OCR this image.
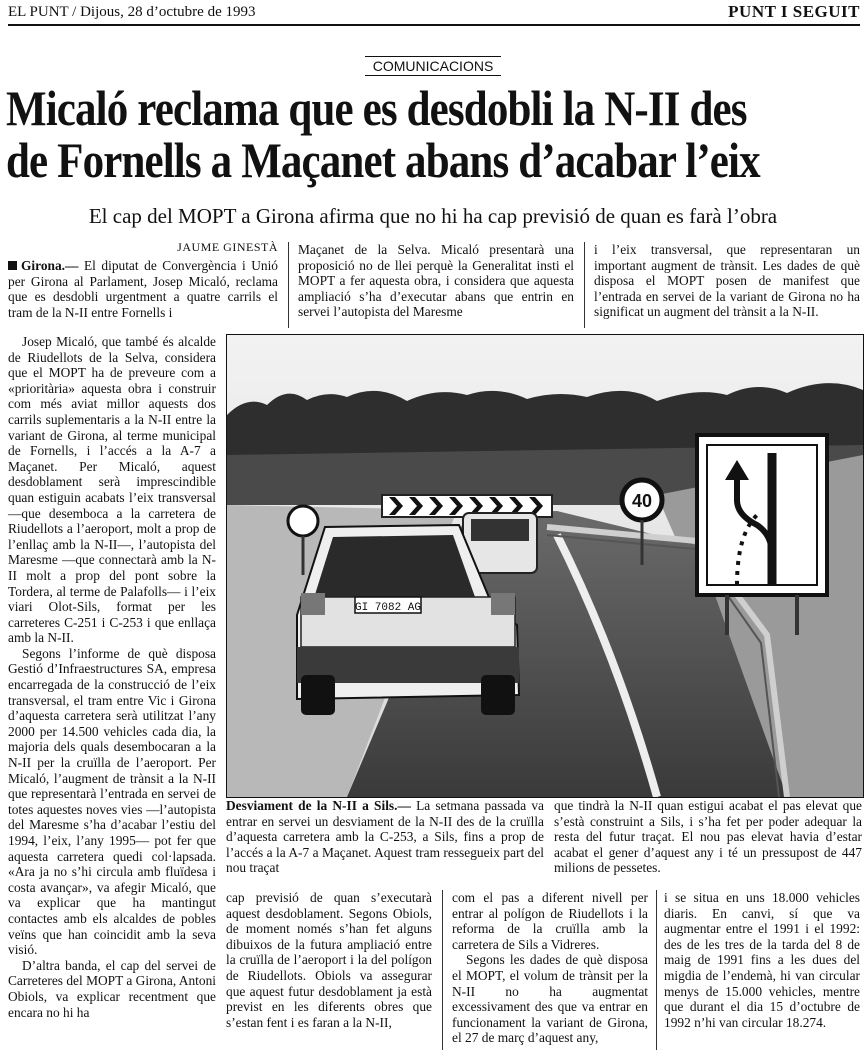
EL PUNT / Dijous, 28 d’octubre de 1993	PUNT I SEGUIT
COMUNICACIONS
Micaló reclama que es desdobli la N-II des
de Fornells a Maçanet abans d’acabar l’eix
El cap del MOPT a Girona afirma que no hi ha cap previsió de quan es farà l’obra
JAUME GINESTÀ

Girona.— El diputat de Convergència i Unió per Girona al Parlament, Josep Micaló, reclama que es desdobli urgentment a quatre carrils el tram de la N-II entre Fornells i

Maçanet de la Selva. Micaló presentarà una proposició no de llei perquè la Generalitat insti el MOPT a fer aquesta obra, i considera que aquesta ampliació s’ha d’executar abans que entrin en servei l’autopista del Maresme

i l’eix transversal, que representaran un important augment de trànsit. Les dades de què disposa el MOPT posen de manifest que l’entrada en servei de la variant de Girona no ha significat un augment del trànsit a la N-II.

Josep Micaló, que també és alcalde de Riudellots de la Selva, considera que el MOPT ha de preveure com a «prioritària» aquesta obra i construir com més aviat millor aquests dos carrils suplementaris a la N-II entre la variant de Girona, al terme municipal de Fornells, i l’accés a la A-7 a Maçanet. Per Micaló, aquest desdoblament serà imprescindible quan estiguin acabats l’eix transversal —que desemboca a la carretera de Riudellots a l’aeroport, molt a prop de l’enllaç amb la N-II—, l’autopista del Maresme —que connectarà amb la N-II molt a prop del pont sobre la Tordera, al terme de Palafolls— i l’eix viari Olot-Sils, format per les carreteres C-251 i C-253 i que enllaça amb la N-II.

Segons l’informe de què disposa Gestió d’Infraestructures SA, empresa encarregada de la construcció de l’eix transversal, el tram entre Vic i Girona d’aquesta carretera serà utilitzat l’any 2000 per 14.500 vehicles cada dia, la majoria dels quals desembocaran a la N-II per la cruïlla de l’aeroport. Per Micaló, l’augment de trànsit a la N-II que representarà l’entrada en servei de totes aquestes noves vies —l’autopista del Maresme s’ha d’acabar l’estiu del 1994, l’eix, l’any 1995— pot fer que aquesta carretera quedi col·lapsada. «Ara ja no s’hi circula amb fluïdesa i costa avançar», va afegir Micaló, que va explicar que ha mantingut contactes amb els alcaldes de pobles veïns que han coincidit amb la seva visió.

D’altra banda, el cap del servei de Carreteres del MOPT a Girona, Antoni Obiols, va explicar recentment que encara no hi ha

40
GI 7082 AG
Desviament de la N-II a Sils.— La setmana passada va entrar en servei un desviament de la N-II des de la cruïlla d’aquesta carretera amb la C-253, a Sils, fins a prop de l’accés a la A-7 a Maçanet. Aquest tram ressegueix part del nou traçat
que tindrà la N-II quan estigui acabat el pas elevat que s’està construint a Sils, i s’ha fet per poder adequar la resta del futur traçat. El nou pas elevat havia d’estar acabat el gener d’aquest any i té un pressupost de 447 milions de pessetes.

cap previsió de quan s’executarà aquest desdoblament. Segons Obiols, de moment només s’han fet alguns dibuixos de la futura ampliació entre la cruïlla de l’aeroport i la del polígon de Riudellots. Obiols va assegurar que aquest futur desdoblament ja està previst en les diferents obres que s’estan fent i es faran a la N-II,

com el pas a diferent nivell per entrar al polígon de Riudellots i la reforma de la cruïlla amb la carretera de Sils a Vidreres.

Segons les dades de què disposa el MOPT, el volum de trànsit per la N-II no ha augmentat excessivament des que va entrar en funcionament la variant de Girona, el 27 de març d’aquest any,

i se situa en uns 18.000 vehicles diaris. En canvi, sí que va augmentar entre el 1991 i el 1992: des de les tres de la tarda del 8 de maig de 1991 fins a les dues del migdia de l’endemà, hi van circular menys de 15.000 vehicles, mentre que durant el dia 15 d’octubre de 1992 n’hi van circular 18.274.
